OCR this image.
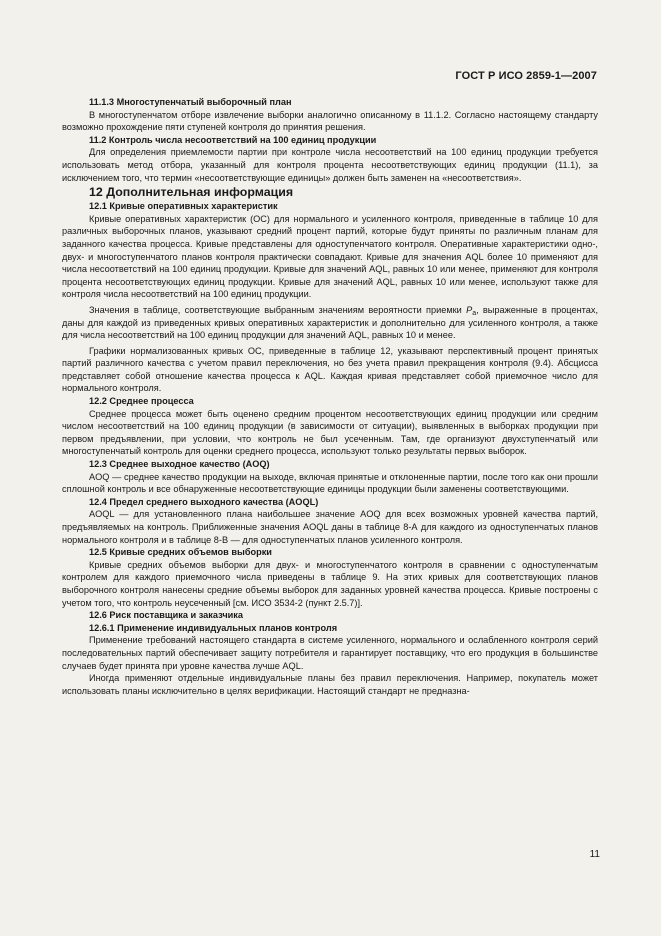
ГОСТ Р ИСО 2859-1—2007

11.1.3 Многоступенчатый выборочный план

В многоступенчатом отборе извлечение выборки аналогично описанному в 11.1.2. Согласно настоящему стандарту возможно прохождение пяти ступеней контроля до принятия решения.

11.2 Контроль числа несоответствий на 100 единиц продукции

Для определения приемлемости партии при контроле числа несоответствий на 100 единиц продукции требуется использовать метод отбора, указанный для контроля процента несоответствующих единиц продукции (11.1), за исключением того, что термин «несоответствующие единицы» должен быть заменен на «несоответствия».

12 Дополнительная информация

12.1 Кривые оперативных характеристик

Кривые оперативных характеристик (ОС) для нормального и усиленного контроля, приведенные в таблице 10 для различных выборочных планов, указывают средний процент партий, которые будут приняты по различным планам для заданного качества процесса. Кривые представлены для одноступенчатого контроля. Оперативные характеристики одно-, двух- и многоступенчатого планов контроля практически совпадают. Кривые для значения AQL более 10 применяют для числа несоответствий на 100 единиц продукции. Кривые для значений AQL, равных 10 или менее, применяют для контроля процента несоответствующих единиц продукции. Кривые для значений AQL, равных 10 или менее, используют также для контроля числа несоответствий на 100 единиц продукции.

Значения в таблице, соответствующие выбранным значениям вероятности приемки $P_a$, выраженные в процентах, даны для каждой из приведенных кривых оперативных характеристик и дополнительно для усиленного контроля, а также для числа несоответствий на 100 единиц продукции для значений AQL, равных 10 и менее.

Графики нормализованных кривых ОС, приведенные в таблице 12, указывают перспективный процент принятых партий различного качества с учетом правил переключения, но без учета правил прекращения контроля (9.4). Абсцисса представляет собой отношение качества процесса к AQL. Каждая кривая представляет собой приемочное число для нормального контроля.

12.2 Среднее процесса

Среднее процесса может быть оценено средним процентом несоответствующих единиц продукции или средним числом несоответствий на 100 единиц продукции (в зависимости от ситуации), выявленных в выборках продукции при первом предъявлении, при условии, что контроль не был усеченным. Там, где организуют двухступенчатый или многоступенчатый контроль для оценки среднего процесса, используют только результаты первых выборок.

12.3 Среднее выходное качество (AOQ)

AOQ — среднее качество продукции на выходе, включая принятые и отклоненные партии, после того как они прошли сплошной контроль и все обнаруженные несоответствующие единицы продукции были заменены соответствующими.

12.4 Предел среднего выходного качества (AOQL)

AOQL — для установленного плана наибольшее значение AOQ для всех возможных уровней качества партий, предъявляемых на контроль. Приближенные значения AOQL даны в таблице 8-А для каждого из одноступенчатых планов нормального контроля и в таблице 8-В — для одноступенчатых планов усиленного контроля.

12.5 Кривые средних объемов выборки

Кривые средних объемов выборки для двух- и многоступенчатого контроля в сравнении с одноступенчатым контролем для каждого приемочного числа приведены в таблице 9. На этих кривых для соответствующих планов выборочного контроля нанесены средние объемы выборок для заданных уровней качества процесса. Кривые построены с учетом того, что контроль неусеченный [см. ИСО 3534-2 (пункт 2.5.7)].

12.6 Риск поставщика и заказчика

12.6.1 Применение индивидуальных планов контроля

Применение требований настоящего стандарта в системе усиленного, нормального и ослабленного контроля серий последовательных партий обеспечивает защиту потребителя и гарантирует поставщику, что его продукция в большинстве случаев будет принята при уровне качества лучше AQL.

Иногда применяют отдельные индивидуальные планы без правил переключения. Например, покупатель может использовать планы исключительно в целях верификации. Настоящий стандарт не предназна-

11
